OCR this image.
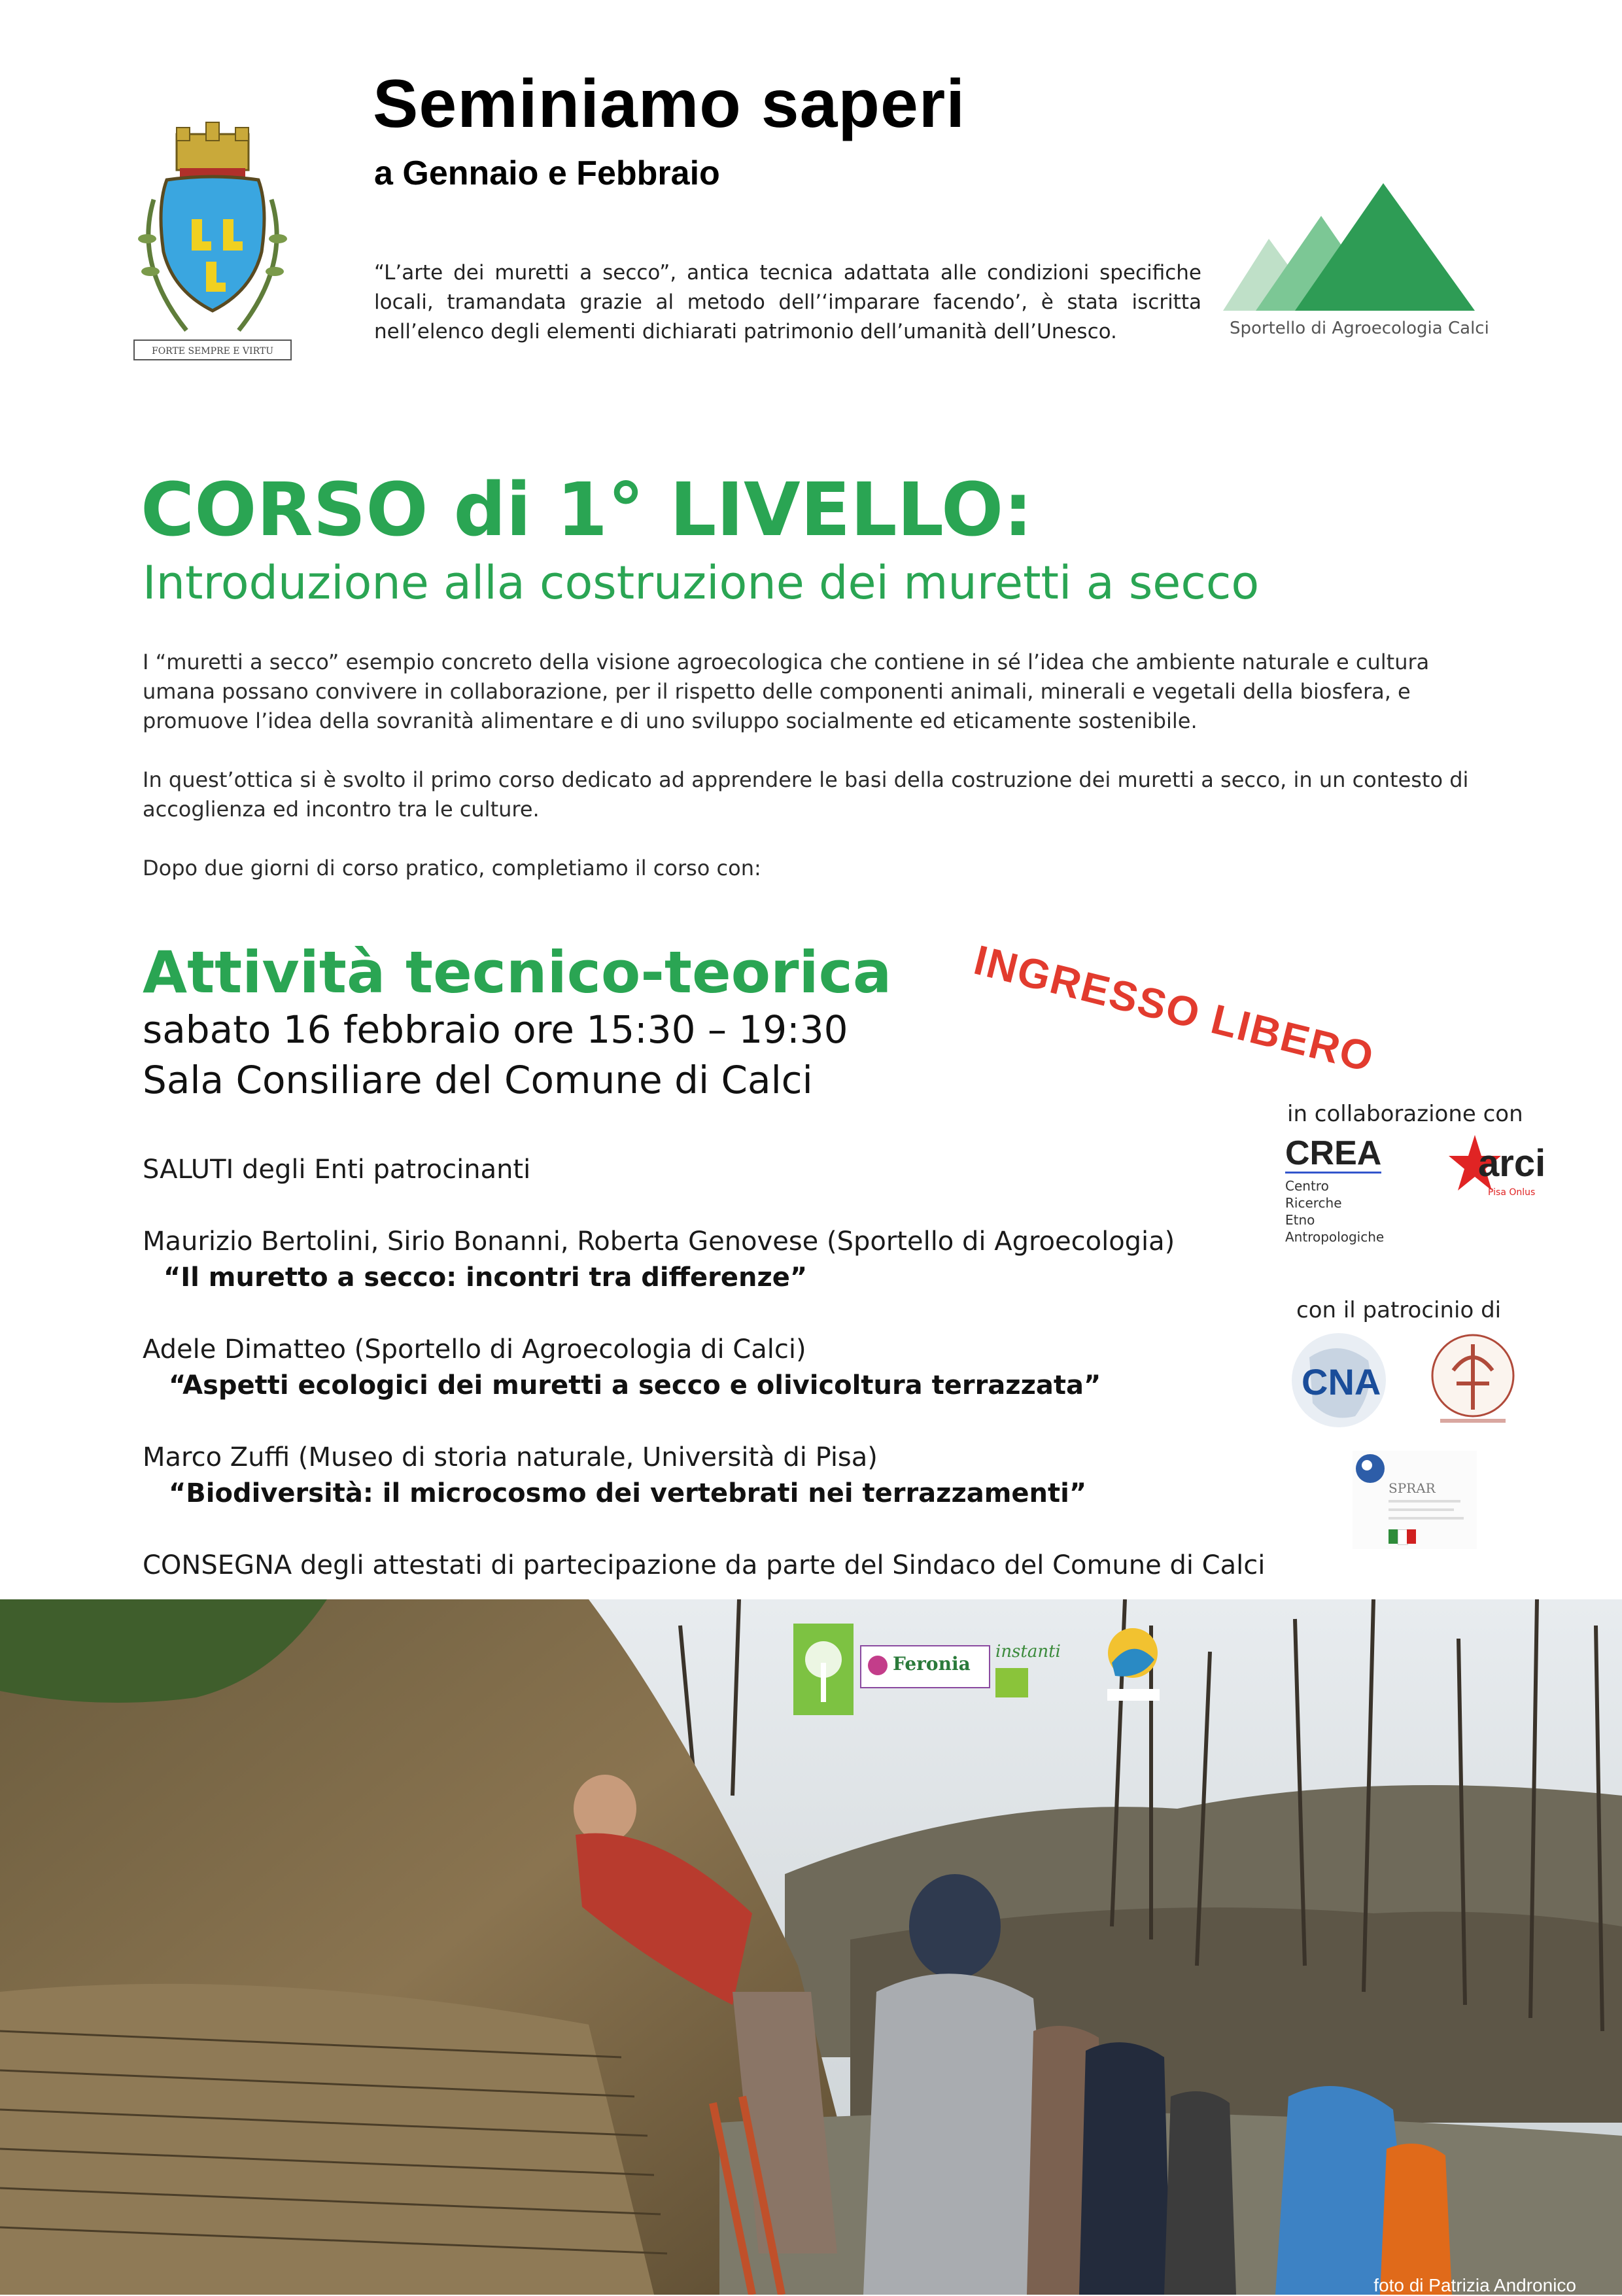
FORTE SEMPRE E VIRTU
Seminiamo saperi
a Gennaio e Febbraio
“L’arte dei muretti a secco”, antica tecnica adattata alle condizioni specifiche locali, tramandata grazie al metodo dell’‘imparare facendo’, è stata iscritta nell’elenco degli elementi dichiarati patrimonio dell’umanità dell’Unesco.	Sportello di Agroecologia Calci
CORSO di 1° LIVELLO:
Introduzione alla costruzione dei muretti a secco
I “muretti a secco” esempio concreto della visione agroecologica che contiene in sé l’idea che ambiente naturale e cultura umana possano convivere in collaborazione, per il rispetto delle componenti animali, minerali e vegetali della biosfera, e promuove l’idea della sovranità alimentare e di uno sviluppo socialmente ed eticamente sostenibile.
In quest’ottica si è svolto il primo corso dedicato ad apprendere le basi della costruzione dei muretti a secco, in un contesto di accoglienza ed incontro tra le culture.
Dopo due giorni di corso pratico, completiamo il corso con:
INGRESSO LIBERO
Attività tecnico-teorica
sabato 16 febbraio ore 15:30 – 19:30
Sala Consiliare del Comune di Calci
SALUTI degli Enti patrocinanti
Maurizio Bertolini, Sirio Bonanni, Roberta Genovese (Sportello di Agroecologia)
“Il muretto a secco: incontri tra differenze”
Adele Dimatteo (Sportello di Agroecologia di Calci)
“Aspetti ecologici dei muretti a secco e olivicoltura terrazzata”
Marco Zuffi (Museo di storia naturale, Università di Pisa)
“Biodiversità: il microcosmo dei vertebrati nei terrazzamenti”
CONSEGNA degli attestati di partecipazione da parte del Sindaco del Comune di Calci
in collaborazione con
CREA
Centro
Ricerche
Etno
Antropologiche
arci
Pisa Onlus
con il patrocinio di
CNA
SPRAR
Feronia
instanti
foto di Patrizia Andronico
